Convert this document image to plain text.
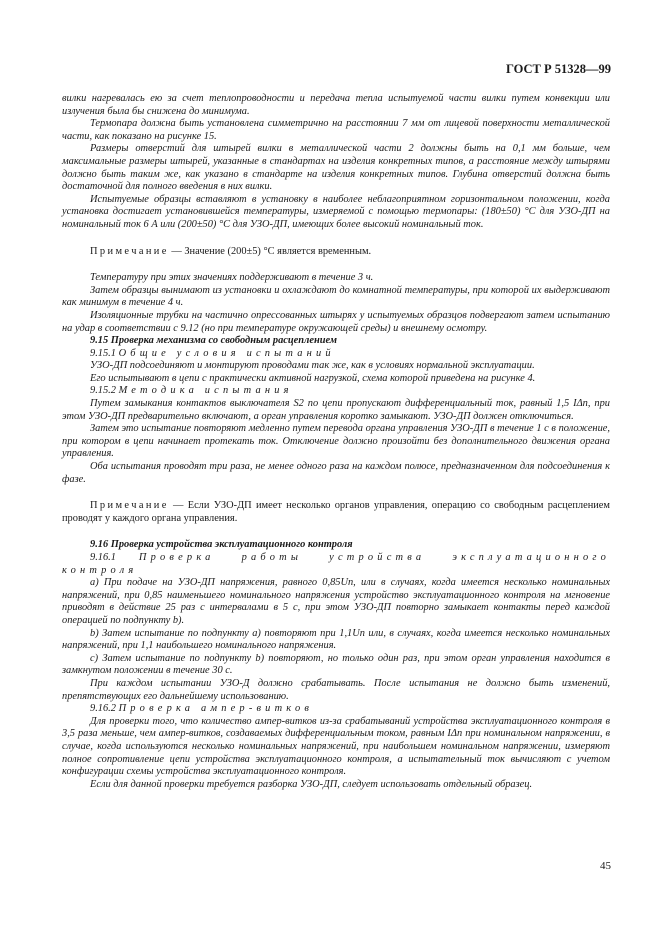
ГОСТ Р 51328—99

вилки нагревалась ею за счет теплопроводности и передача тепла испытуемой части вилки путем конвекции или излучения была бы снижена до минимума.

Термопара должна быть установлена симметрично на расстоянии 7 мм от лицевой поверхности металлической части, как показано на рисунке 15.

Размеры отверстий для штырей вилки в металлической части 2 должны быть на 0,1 мм больше, чем максимальные размеры штырей, указанные в стандартах на изделия конкретных типов, а расстояние между штырями должно быть таким же, как указано в стандарте на изделия конкретных типов. Глубина отверстий должна быть достаточной для полного введения в них вилки.

Испытуемые образцы вставляют в установку в наиболее неблагоприятном горизонтальном положении, когда установка достигает установившейся температуры, измеряемой с помощью термопары: (180±50) °C для УЗО-ДП на номинальный ток 6 А или (200±50) °C для УЗО-ДП, имеющих более высокий номинальный ток.

Примечание — Значение (200±5) °C является временным.

Температуру при этих значениях поддерживают в течение 3 ч.

Затем образцы вынимают из установки и охлаждают до комнатной температуры, при которой их выдерживают как минимум в течение 4 ч.

Изоляционные трубки на частично опрессованных штырях у испытуемых образцов подвергают затем испытанию на удар в соответствии с 9.12 (но при температуре окружающей среды) и внешнему осмотру.

9.15 Проверка механизма со свободным расцеплением

9.15.1 Общие условия испытаний

УЗО-ДП подсоединяют и монтируют проводами так же, как в условиях нормальной эксплуатации.

Его испытывают в цепи с практически активной нагрузкой, схема которой приведена на рисунке 4.

9.15.2 Методика испытания

Путем замыкания контактов выключателя S2 по цепи пропускают дифференциальный ток, равный 1,5 IΔn, при этом УЗО-ДП предварительно включают, а орган управления коротко замыкают. УЗО-ДП должен отключиться.

Затем это испытание повторяют медленно путем перевода органа управления УЗО-ДП в течение 1 с в положение, при котором в цепи начинает протекать ток. Отключение должно произойти без дополнительного движения органа управления.

Оба испытания проводят три раза, не менее одного раза на каждом полюсе, предназначенном для подсоединения к фазе.

Примечание — Если УЗО-ДП имеет несколько органов управления, операцию со свободным расцеплением проводят у каждого органа управления.

9.16 Проверка устройства эксплуатационного контроля

9.16.1 Проверка работы устройства эксплуатационного контроля

а) При подаче на УЗО-ДП напряжения, равного 0,85Un, или в случаях, когда имеется несколько номинальных напряжений, при 0,85 наименьшего номинального напряжения устройство эксплуатационного контроля на мгновение приводят в действие 25 раз с интервалами в 5 с, при этом УЗО-ДП повторно замыкает контакты перед каждой операцией по подпункту b).

b) Затем испытание по подпункту а) повторяют при 1,1Un или, в случаях, когда имеется несколько номинальных напряжений, при 1,1 наибольшего номинального напряжения.

с) Затем испытание по подпункту b) повторяют, но только один раз, при этом орган управления находится в замкнутом положении в течение 30 с.

При каждом испытании УЗО-Д должно срабатывать. После испытания не должно быть изменений, препятствующих его дальнейшему использованию.

9.16.2 Проверка ампер-витков

Для проверки того, что количество ампер-витков из-за срабатываний устройства эксплуатационного контроля в 3,5 раза меньше, чем ампер-витков, создаваемых дифференциальным током, равным IΔn при номинальном напряжении, в случае, когда используются несколько номинальных напряжений, при наибольшем номинальном напряжении, измеряют полное сопротивление цепи устройства эксплуатационного контроля, а испытательный ток вычисляют с учетом конфигурации схемы устройства эксплуатационного контроля.

Если для данной проверки требуется разборка УЗО-ДП, следует использовать отдельный образец.

45
